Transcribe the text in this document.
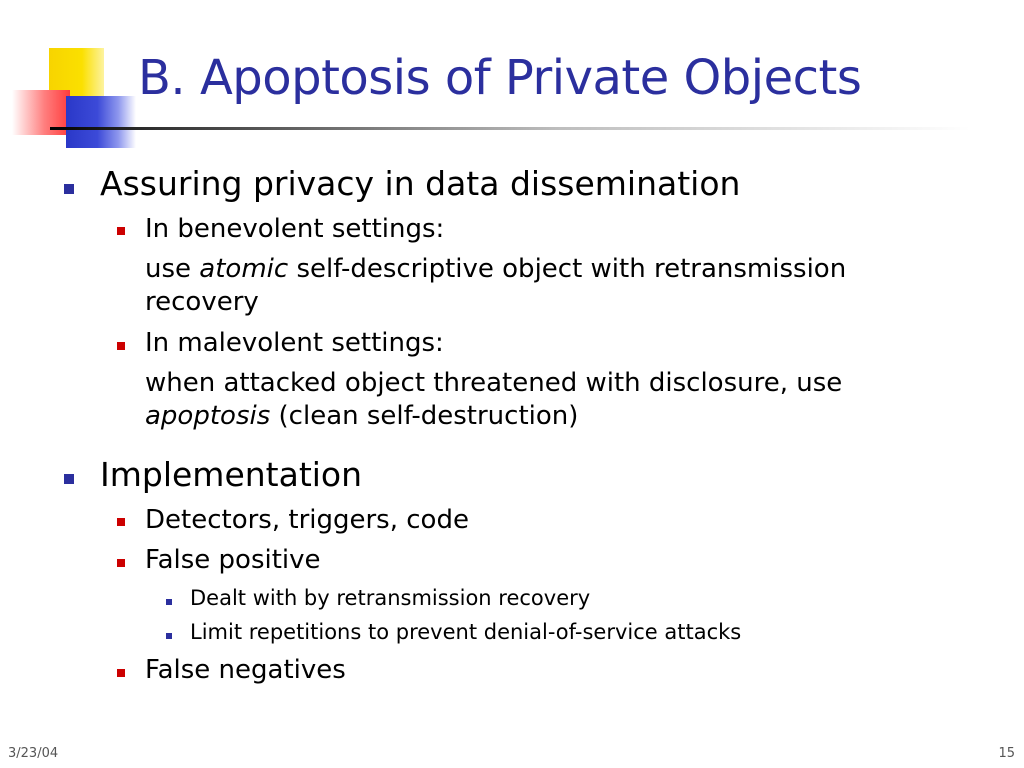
B. Apoptosis of Private Objects

Assuring privacy in data dissemination

In benevolent settings:

use atomic self-descriptive object with retransmission

recovery

In malevolent settings:

when attacked object threatened with disclosure, use

apoptosis (clean self-destruction)

Implementation

Detectors, triggers, code

False positive

Dealt with by retransmission recovery

Limit repetitions to prevent denial-of-service attacks

False negatives

3/23/04	15
